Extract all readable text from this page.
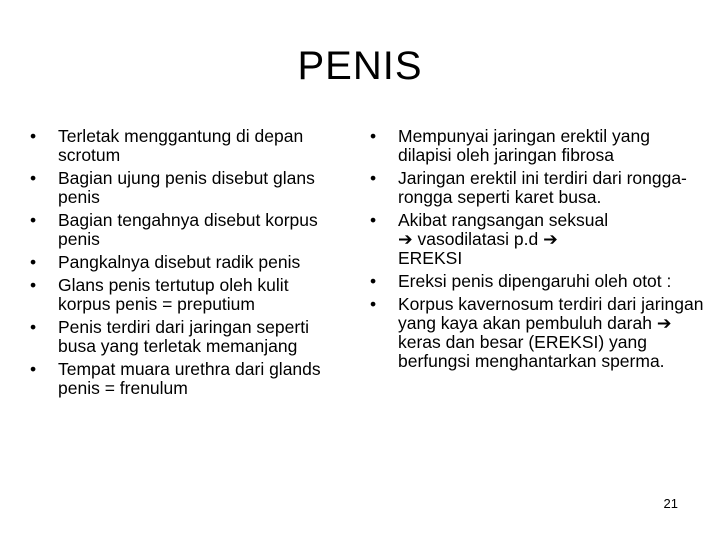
PENIS
•	Terletak menggantung di depan scrotum
•	Bagian ujung penis disebut glans penis
•	Bagian tengahnya disebut korpus penis
•	Pangkalnya disebut radik penis
•	Glans penis tertutup oleh kulit korpus penis = preputium
•	Penis terdiri dari jaringan seperti busa yang terletak memanjang
•	Tempat muara urethra dari glands penis = frenulum
•	Mempunyai jaringan erektil yang dilapisi oleh jaringan fibrosa
•	Jaringan erektil ini terdiri dari rongga-rongga seperti karet busa.
•	Akibat rangsangan seksual
➔ vasodilatasi p.d ➔
EREKSI
•	Ereksi penis dipengaruhi oleh otot :
•	Korpus kavernosum terdiri dari jaringan yang kaya akan pembuluh darah ➔ keras dan besar (EREKSI) yang berfungsi menghantarkan sperma.
21
